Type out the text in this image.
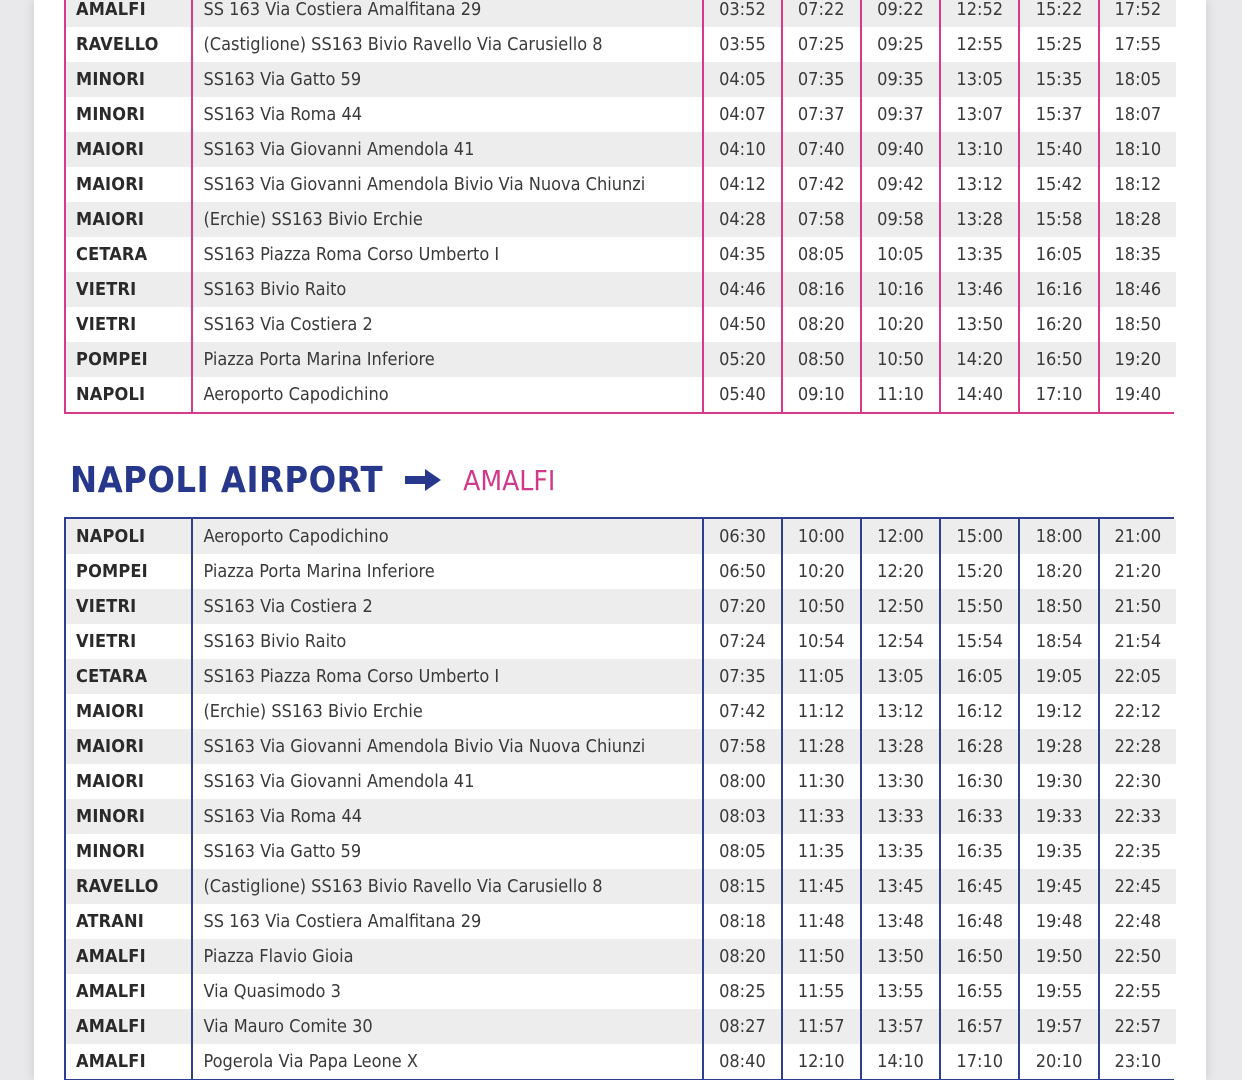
AMALFI	SS 163 Via Costiera Amalfitana 29	03:52	07:22	09:22	12:52	15:22	17:52
RAVELLO	(Castiglione) SS163 Bivio Ravello Via Carusiello 8	03:55	07:25	09:25	12:55	15:25	17:55
MINORI	SS163 Via Gatto 59	04:05	07:35	09:35	13:05	15:35	18:05
MINORI	SS163 Via Roma 44	04:07	07:37	09:37	13:07	15:37	18:07
MAIORI	SS163 Via Giovanni Amendola 41	04:10	07:40	09:40	13:10	15:40	18:10
MAIORI	SS163 Via Giovanni Amendola Bivio Via Nuova Chiunzi	04:12	07:42	09:42	13:12	15:42	18:12
MAIORI	(Erchie) SS163 Bivio Erchie	04:28	07:58	09:58	13:28	15:58	18:28
CETARA	SS163 Piazza Roma Corso Umberto I	04:35	08:05	10:05	13:35	16:05	18:35
VIETRI	SS163 Bivio Raito	04:46	08:16	10:16	13:46	16:16	18:46
VIETRI	SS163 Via Costiera 2	04:50	08:20	10:20	13:50	16:20	18:50
POMPEI	Piazza Porta Marina Inferiore	05:20	08:50	10:50	14:20	16:50	19:20
NAPOLI	Aeroporto Capodichino	05:40	09:10	11:10	14:40	17:10	19:40
NAPOLI AIRPORT	AMALFI
NAPOLI	Aeroporto Capodichino	06:30	10:00	12:00	15:00	18:00	21:00
POMPEI	Piazza Porta Marina Inferiore	06:50	10:20	12:20	15:20	18:20	21:20
VIETRI	SS163 Via Costiera 2	07:20	10:50	12:50	15:50	18:50	21:50
VIETRI	SS163 Bivio Raito	07:24	10:54	12:54	15:54	18:54	21:54
CETARA	SS163 Piazza Roma Corso Umberto I	07:35	11:05	13:05	16:05	19:05	22:05
MAIORI	(Erchie) SS163 Bivio Erchie	07:42	11:12	13:12	16:12	19:12	22:12
MAIORI	SS163 Via Giovanni Amendola Bivio Via Nuova Chiunzi	07:58	11:28	13:28	16:28	19:28	22:28
MAIORI	SS163 Via Giovanni Amendola 41	08:00	11:30	13:30	16:30	19:30	22:30
MINORI	SS163 Via Roma 44	08:03	11:33	13:33	16:33	19:33	22:33
MINORI	SS163 Via Gatto 59	08:05	11:35	13:35	16:35	19:35	22:35
RAVELLO	(Castiglione) SS163 Bivio Ravello Via Carusiello 8	08:15	11:45	13:45	16:45	19:45	22:45
ATRANI	SS 163 Via Costiera Amalfitana 29	08:18	11:48	13:48	16:48	19:48	22:48
AMALFI	Piazza Flavio Gioia	08:20	11:50	13:50	16:50	19:50	22:50
AMALFI	Via Quasimodo 3	08:25	11:55	13:55	16:55	19:55	22:55
AMALFI	Via Mauro Comite 30	08:27	11:57	13:57	16:57	19:57	22:57
AMALFI	Pogerola Via Papa Leone X	08:40	12:10	14:10	17:10	20:10	23:10
